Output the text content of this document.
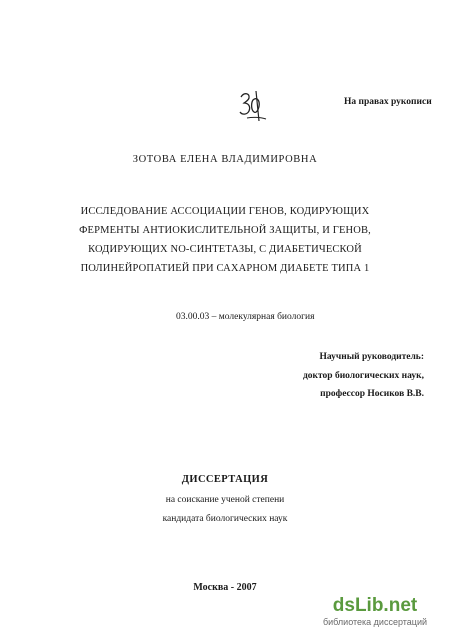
На правах рукописи
ЗОТОВА ЕЛЕНА ВЛАДИМИРОВНА
ИССЛЕДОВАНИЕ АССОЦИАЦИИ ГЕНОВ, КОДИРУЮЩИХ
ФЕРМЕНТЫ АНТИОКИСЛИТЕЛЬНОЙ ЗАЩИТЫ, И ГЕНОВ,
КОДИРУЮЩИХ NO-СИНТЕТАЗЫ, С ДИАБЕТИЧЕСКОЙ
ПОЛИНЕЙРОПАТИЕЙ ПРИ САХАРНОМ ДИАБЕТЕ ТИПА 1
03.00.03 – молекулярная биология
Научный руководитель:
доктор биологических наук,
профессор Носиков В.В.
ДИССЕРТАЦИЯ
на соискание ученой степени
кандидата биологических наук
Москва - 2007
dsLib.net
библиотека диссертаций
